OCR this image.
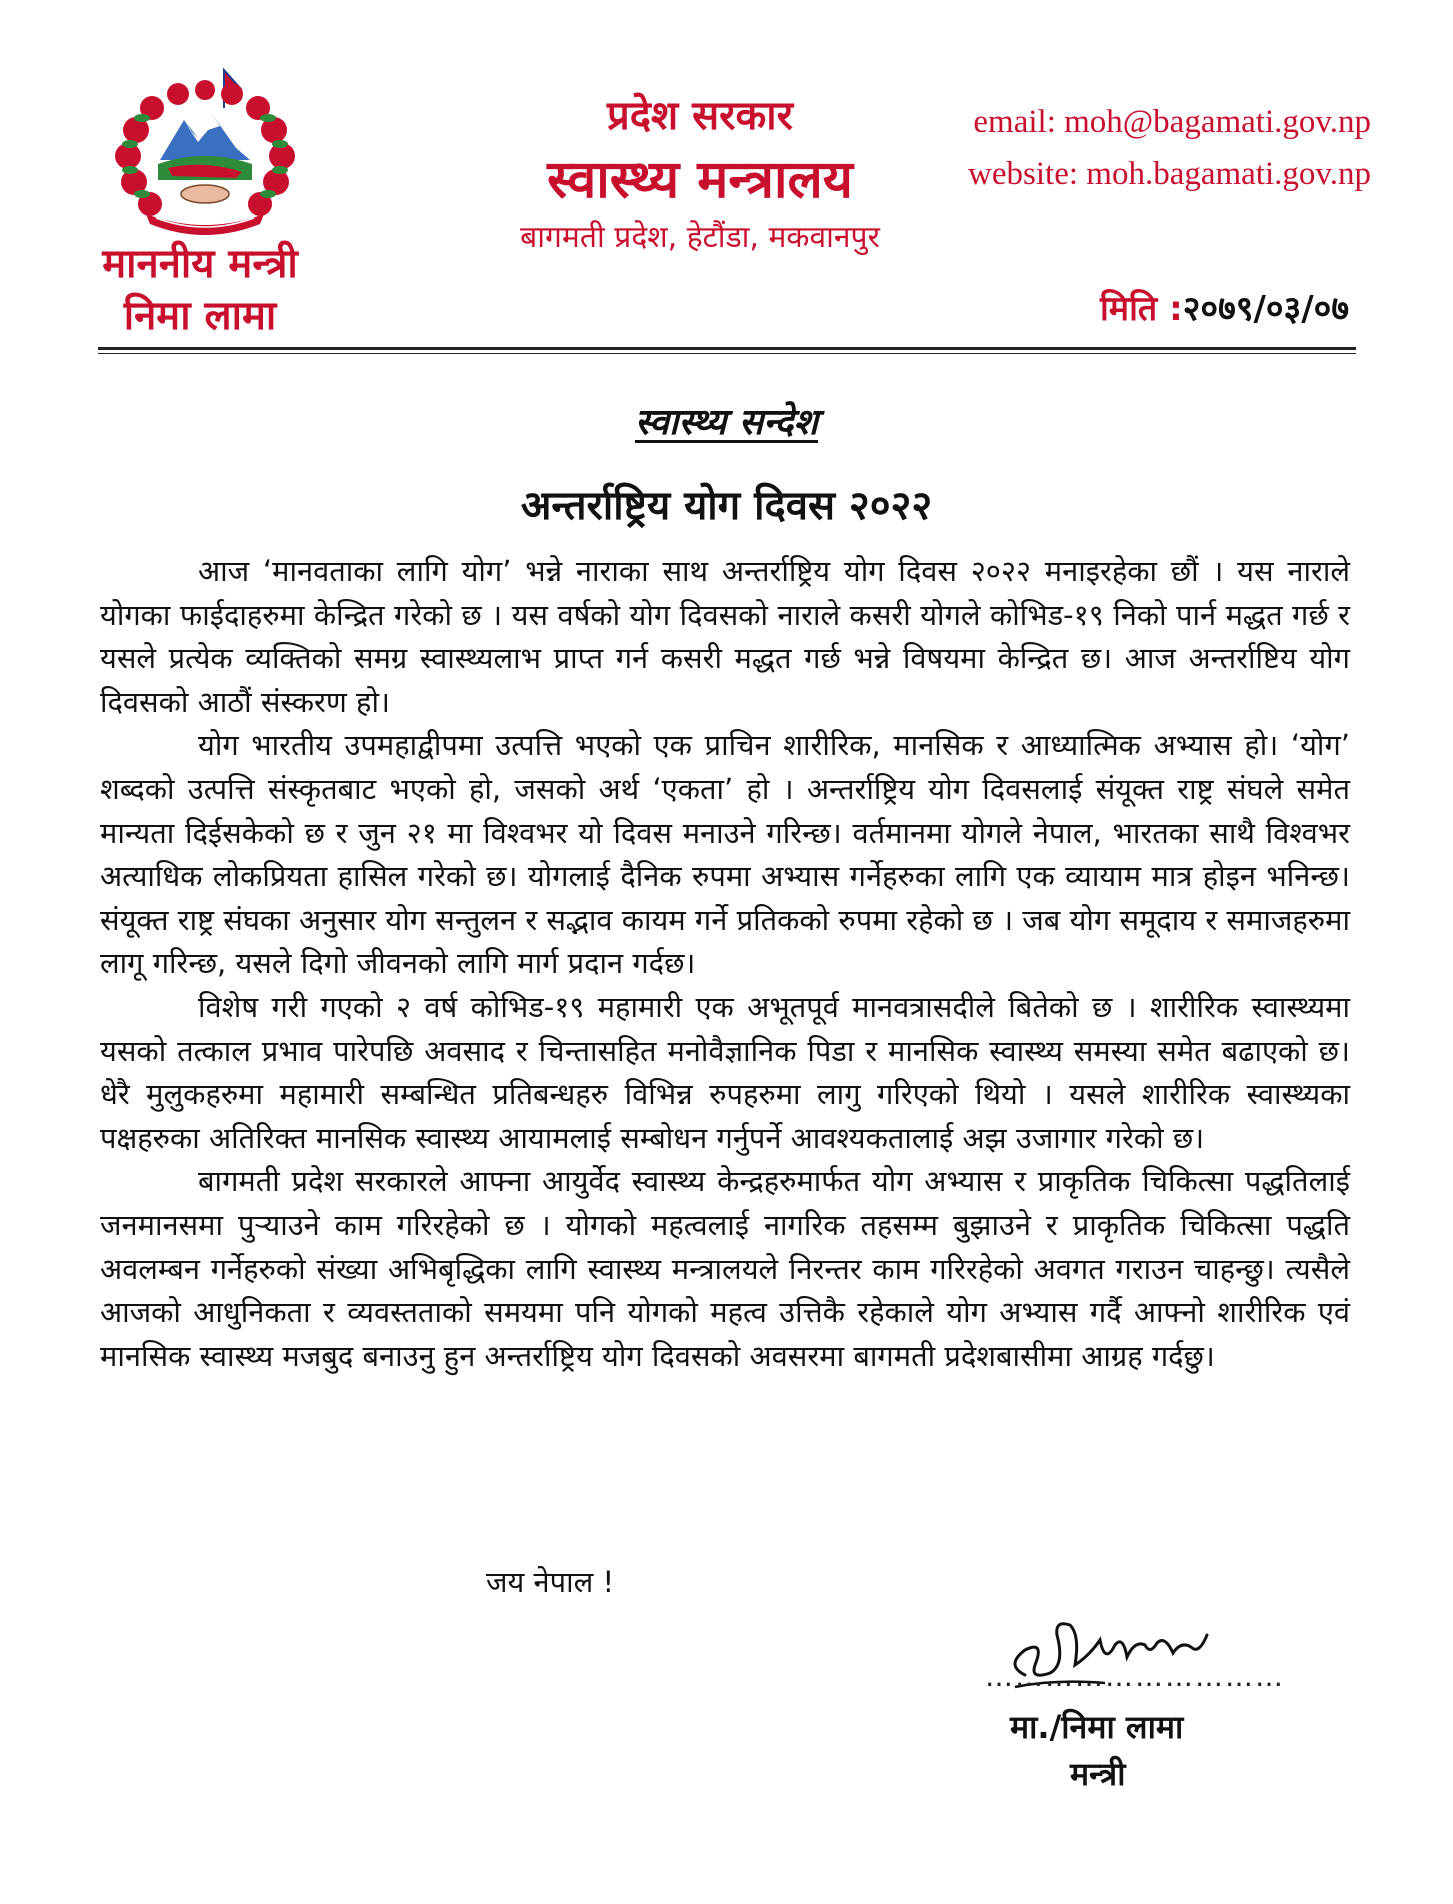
माननीय मन्त्री
निमा लामा
प्रदेश सरकार
स्वास्थ्य मन्त्रालय
बागमती प्रदेश, हेटौंडा, मकवानपुर
email: moh@bagamati.gov.np
website: moh.bagamati.gov.np
मिति :२०७९/०३/०७
स्वास्थ्य सन्देश
अन्तर्राष्ट्रिय योग दिवस २०२२

आज ‘मानवताका लागि योग’ भन्ने नाराका साथ अन्तर्राष्ट्रिय योग दिवस २०२२ मनाइरहेका छौं । यस नाराले योगका फाईदाहरुमा केन्द्रित गरेको छ । यस वर्षको योग दिवसको नाराले कसरी योगले कोभिड-१९ निको पार्न मद्धत गर्छ र यसले प्रत्येक व्यक्तिको समग्र स्वास्थ्यलाभ प्राप्त गर्न कसरी मद्धत गर्छ भन्ने विषयमा केन्द्रित छ। आज अन्तर्राष्टिय योग दिवसको आठौं संस्करण हो।

योग भारतीय उपमहाद्वीपमा उत्पत्ति भएको एक प्राचिन शारीरिक, मानसिक र आध्यात्मिक अभ्यास हो। ‘योग’ शब्दको उत्पत्ति संस्कृतबाट भएको हो, जसको अर्थ ‘एकता’ हो । अन्तर्राष्ट्रिय योग दिवसलाई संयूक्त राष्ट्र संघले समेत मान्यता दिईसकेको छ र जुन २१ मा विश्वभर यो दिवस मनाउने गरिन्छ। वर्तमानमा योगले नेपाल, भारतका साथै विश्वभर अत्याधिक लोकप्रियता हासिल गरेको छ। योगलाई दैनिक रुपमा अभ्यास गर्नेहरुका लागि एक व्यायाम मात्र होइन भनिन्छ। संयूक्त राष्ट्र संघका अनुसार योग सन्तुलन र सद्भाव कायम गर्ने प्रतिकको रुपमा रहेको छ । जब योग समूदाय र समाजहरुमा लागू गरिन्छ, यसले दिगो जीवनको लागि मार्ग प्रदान गर्दछ।

विशेष गरी गएको २ वर्ष कोभिड-१९ महामारी एक अभूतपूर्व मानवत्रासदीले बितेको छ । शारीरिक स्वास्थ्यमा यसको तत्काल प्रभाव पारेपछि अवसाद र चिन्तासहित मनोवैज्ञानिक पिडा र मानसिक स्वास्थ्य समस्या समेत बढाएको छ। धेरै मुलुकहरुमा महामारी सम्बन्धित प्रतिबन्धहरु विभिन्न रुपहरुमा लागु गरिएको थियो । यसले शारीरिक स्वास्थ्यका पक्षहरुका अतिरिक्त मानसिक स्वास्थ्य आयामलाई सम्बोधन गर्नुपर्ने आवश्यकतालाई अझ उजागार गरेको छ।

बागमती प्रदेश सरकारले आफ्ना आयुर्वेद स्वास्थ्य केन्द्रहरुमार्फत योग अभ्यास र प्राकृतिक चिकित्सा पद्धतिलाई जनमानसमा पुऱ्याउने काम गरिरहेको छ । योगको महत्वलाई नागरिक तहसम्म बुझाउने र प्राकृतिक चिकित्सा पद्धति अवलम्बन गर्नेहरुको संख्या अभिबृद्धिका लागि स्वास्थ्य मन्त्रालयले निरन्तर काम गरिरहेको अवगत गराउन चाहन्छु। त्यसैले आजको आधुनिकता र व्यवस्तताको समयमा पनि योगको महत्व उत्तिकै रहेकाले योग अभ्यास गर्दै आफ्नो शारीरिक एवं मानसिक स्वास्थ्य मजबुद बनाउनु हुन अन्तर्राष्ट्रिय योग दिवसको अवसरमा बागमती प्रदेशबासीमा आग्रह गर्दछु।

जय नेपाल !
…………………………
मा./निमा लामा
मन्त्री
